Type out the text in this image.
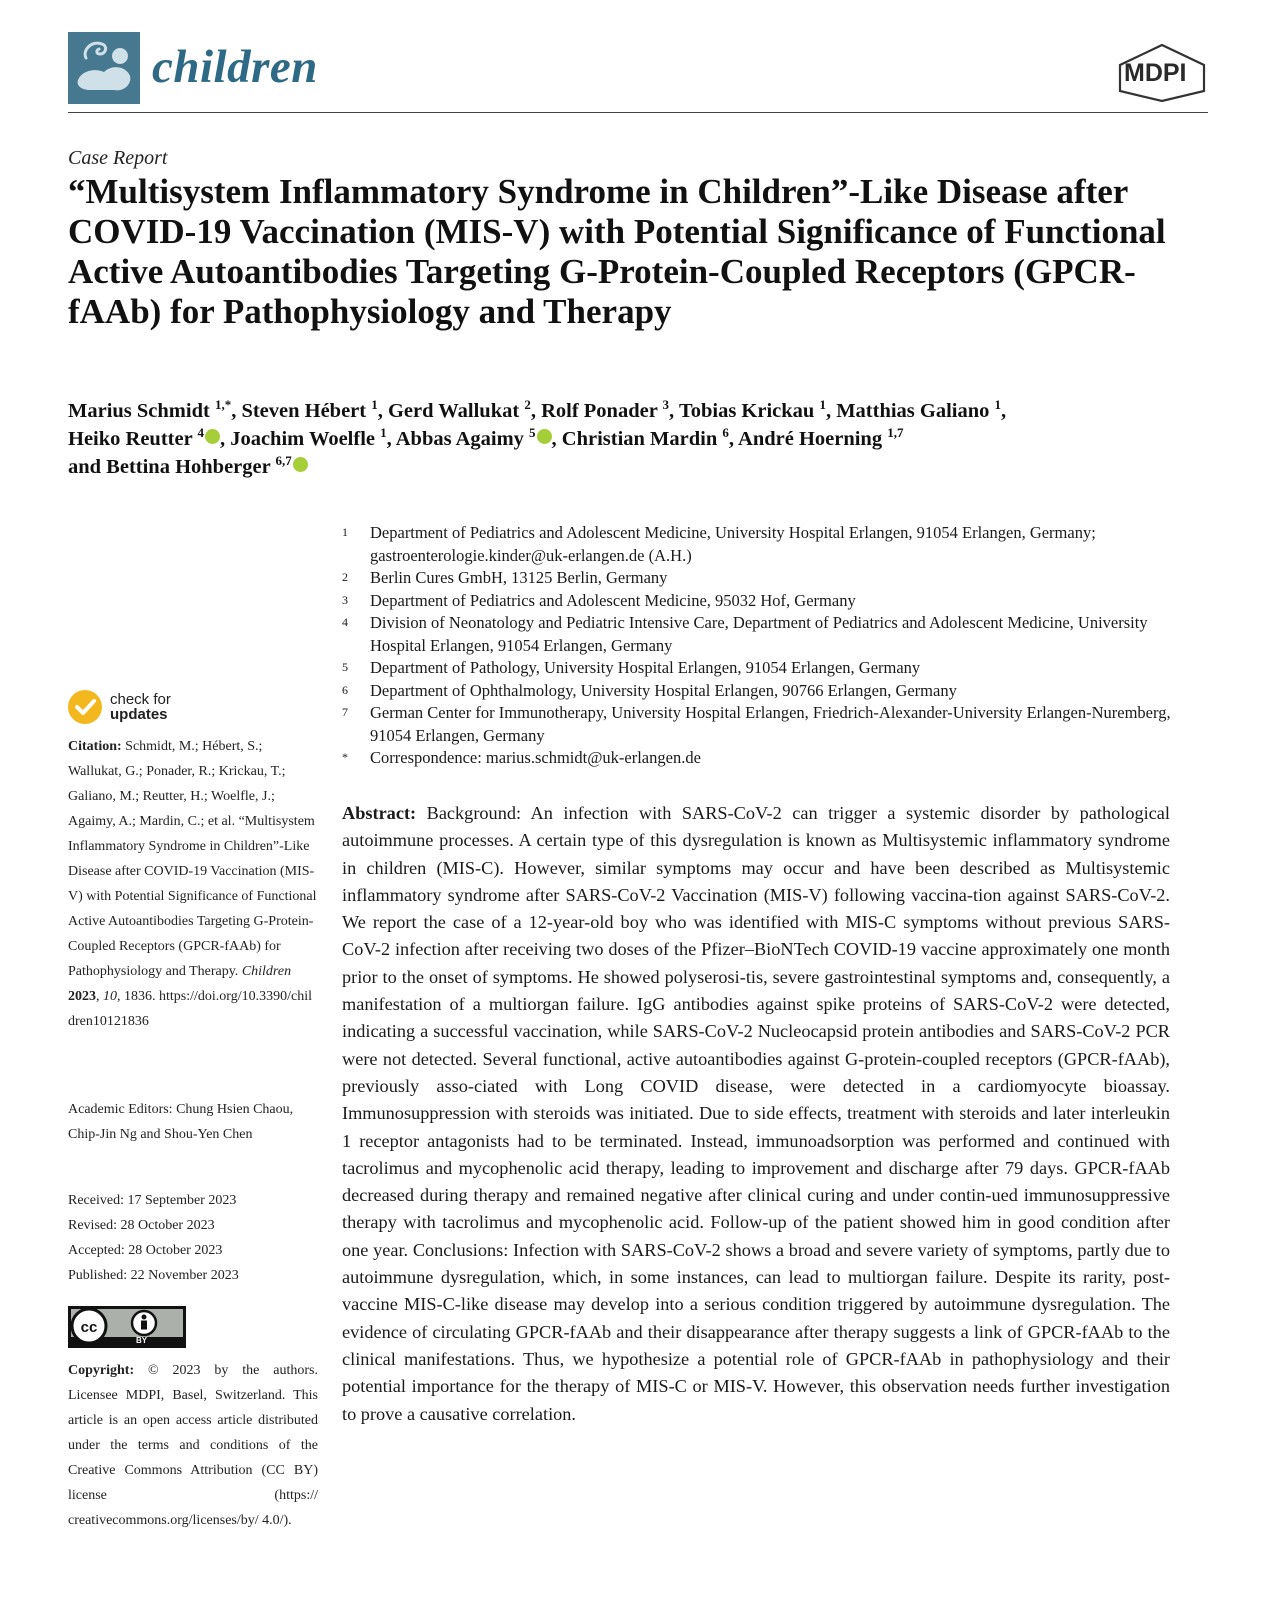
children	MDPI
Case Report
“Multisystem Inflammatory Syndrome in Children”-Like Disease after COVID-19 Vaccination (MIS-V) with Potential Significance of Functional Active Autoantibodies Targeting G-Protein-Coupled Receptors (GPCR-fAAb) for Pathophysiology and Therapy
Marius Schmidt $^{1,*}$, Steven Hébert $^1$, Gerd Wallukat $^2$, Rolf Ponader $^3$, Tobias Krickau $^1$, Matthias Galiano $^1$,
Heiko Reutter $^4$ , Joachim Woelfle $^1$, Abbas Agaimy $^5$ , Christian Mardin $^6$, André Hoerning $^{1,7}$
and Bettina Hohberger $^{6,7}$
1 Department of Pediatrics and Adolescent Medicine, University Hospital Erlangen, 91054 Erlangen, Germany; gastroenterologie.kinder@uk-erlangen.de (A.H.)
2 Berlin Cures GmbH, 13125 Berlin, Germany
3 Department of Pediatrics and Adolescent Medicine, 95032 Hof, Germany
4 Division of Neonatology and Pediatric Intensive Care, Department of Pediatrics and Adolescent Medicine, University Hospital Erlangen, 91054 Erlangen, Germany
5 Department of Pathology, University Hospital Erlangen, 91054 Erlangen, Germany
6 Department of Ophthalmology, University Hospital Erlangen, 90766 Erlangen, Germany
7 German Center for Immunotherapy, University Hospital Erlangen, Friedrich-Alexander-University Erlangen-Nuremberg, 91054 Erlangen, Germany
* Correspondence: marius.schmidt@uk-erlangen.de
check for
updates
Citation: Schmidt, M.; Hébert, S.; Wallukat, G.; Ponader, R.; Krickau, T.; Galiano, M.; Reutter, H.; Woelfle, J.; Agaimy, A.; Mardin, C.; et al. “Multisystem Inflammatory Syndrome in Children”-Like Disease after COVID-19 Vaccination (MIS-V) with Potential Significance of Functional Active Autoantibodies Targeting G-Protein-Coupled Receptors (GPCR-fAAb) for Pathophysiology and Therapy. Children 2023, 10, 1836. https://doi.org/10.3390/children10121836
Academic Editors: Chung Hsien Chaou, Chip-Jin Ng and Shou-Yen Chen
Received: 17 September 2023
Revised: 28 October 2023
Accepted: 28 October 2023
Published: 22 November 2023
cc
BY
Copyright: © 2023 by the authors. Licensee MDPI, Basel, Switzerland. This article is an open access article distributed under the terms and conditions of the Creative Commons Attribution (CC BY) license (https:// creativecommons.org/licenses/by/ 4.0/).
Abstract: Background: An infection with SARS-CoV-2 can trigger a systemic disorder by pathological autoimmune processes. A certain type of this dysregulation is known as Multisystemic inflammatory syndrome in children (MIS-C). However, similar symptoms may occur and have been described as Multisystemic inflammatory syndrome after SARS-CoV-2 Vaccination (MIS-V) following vaccina-tion against SARS-CoV-2. We report the case of a 12-year-old boy who was identified with MIS-C symptoms without previous SARS-CoV-2 infection after receiving two doses of the Pfizer–BioNTech COVID-19 vaccine approximately one month prior to the onset of symptoms. He showed polyserosi-tis, severe gastrointestinal symptoms and, consequently, a manifestation of a multiorgan failure. IgG antibodies against spike proteins of SARS-CoV-2 were detected, indicating a successful vaccination, while SARS-CoV-2 Nucleocapsid protein antibodies and SARS-CoV-2 PCR were not detected. Several functional, active autoantibodies against G-protein-coupled receptors (GPCR-fAAb), previously asso-ciated with Long COVID disease, were detected in a cardiomyocyte bioassay. Immunosuppression with steroids was initiated. Due to side effects, treatment with steroids and later interleukin 1 receptor antagonists had to be terminated. Instead, immunoadsorption was performed and continued with tacrolimus and mycophenolic acid therapy, leading to improvement and discharge after 79 days. GPCR-fAAb decreased during therapy and remained negative after clinical curing and under contin-ued immunosuppressive therapy with tacrolimus and mycophenolic acid. Follow-up of the patient showed him in good condition after one year. Conclusions: Infection with SARS-CoV-2 shows a broad and severe variety of symptoms, partly due to autoimmune dysregulation, which, in some instances, can lead to multiorgan failure. Despite its rarity, post-vaccine MIS-C-like disease may develop into a serious condition triggered by autoimmune dysregulation. The evidence of circulating GPCR-fAAb and their disappearance after therapy suggests a link of GPCR-fAAb to the clinical manifestations. Thus, we hypothesize a potential role of GPCR-fAAb in pathophysiology and their potential importance for the therapy of MIS-C or MIS-V. However, this observation needs further investigation to prove a causative correlation.
